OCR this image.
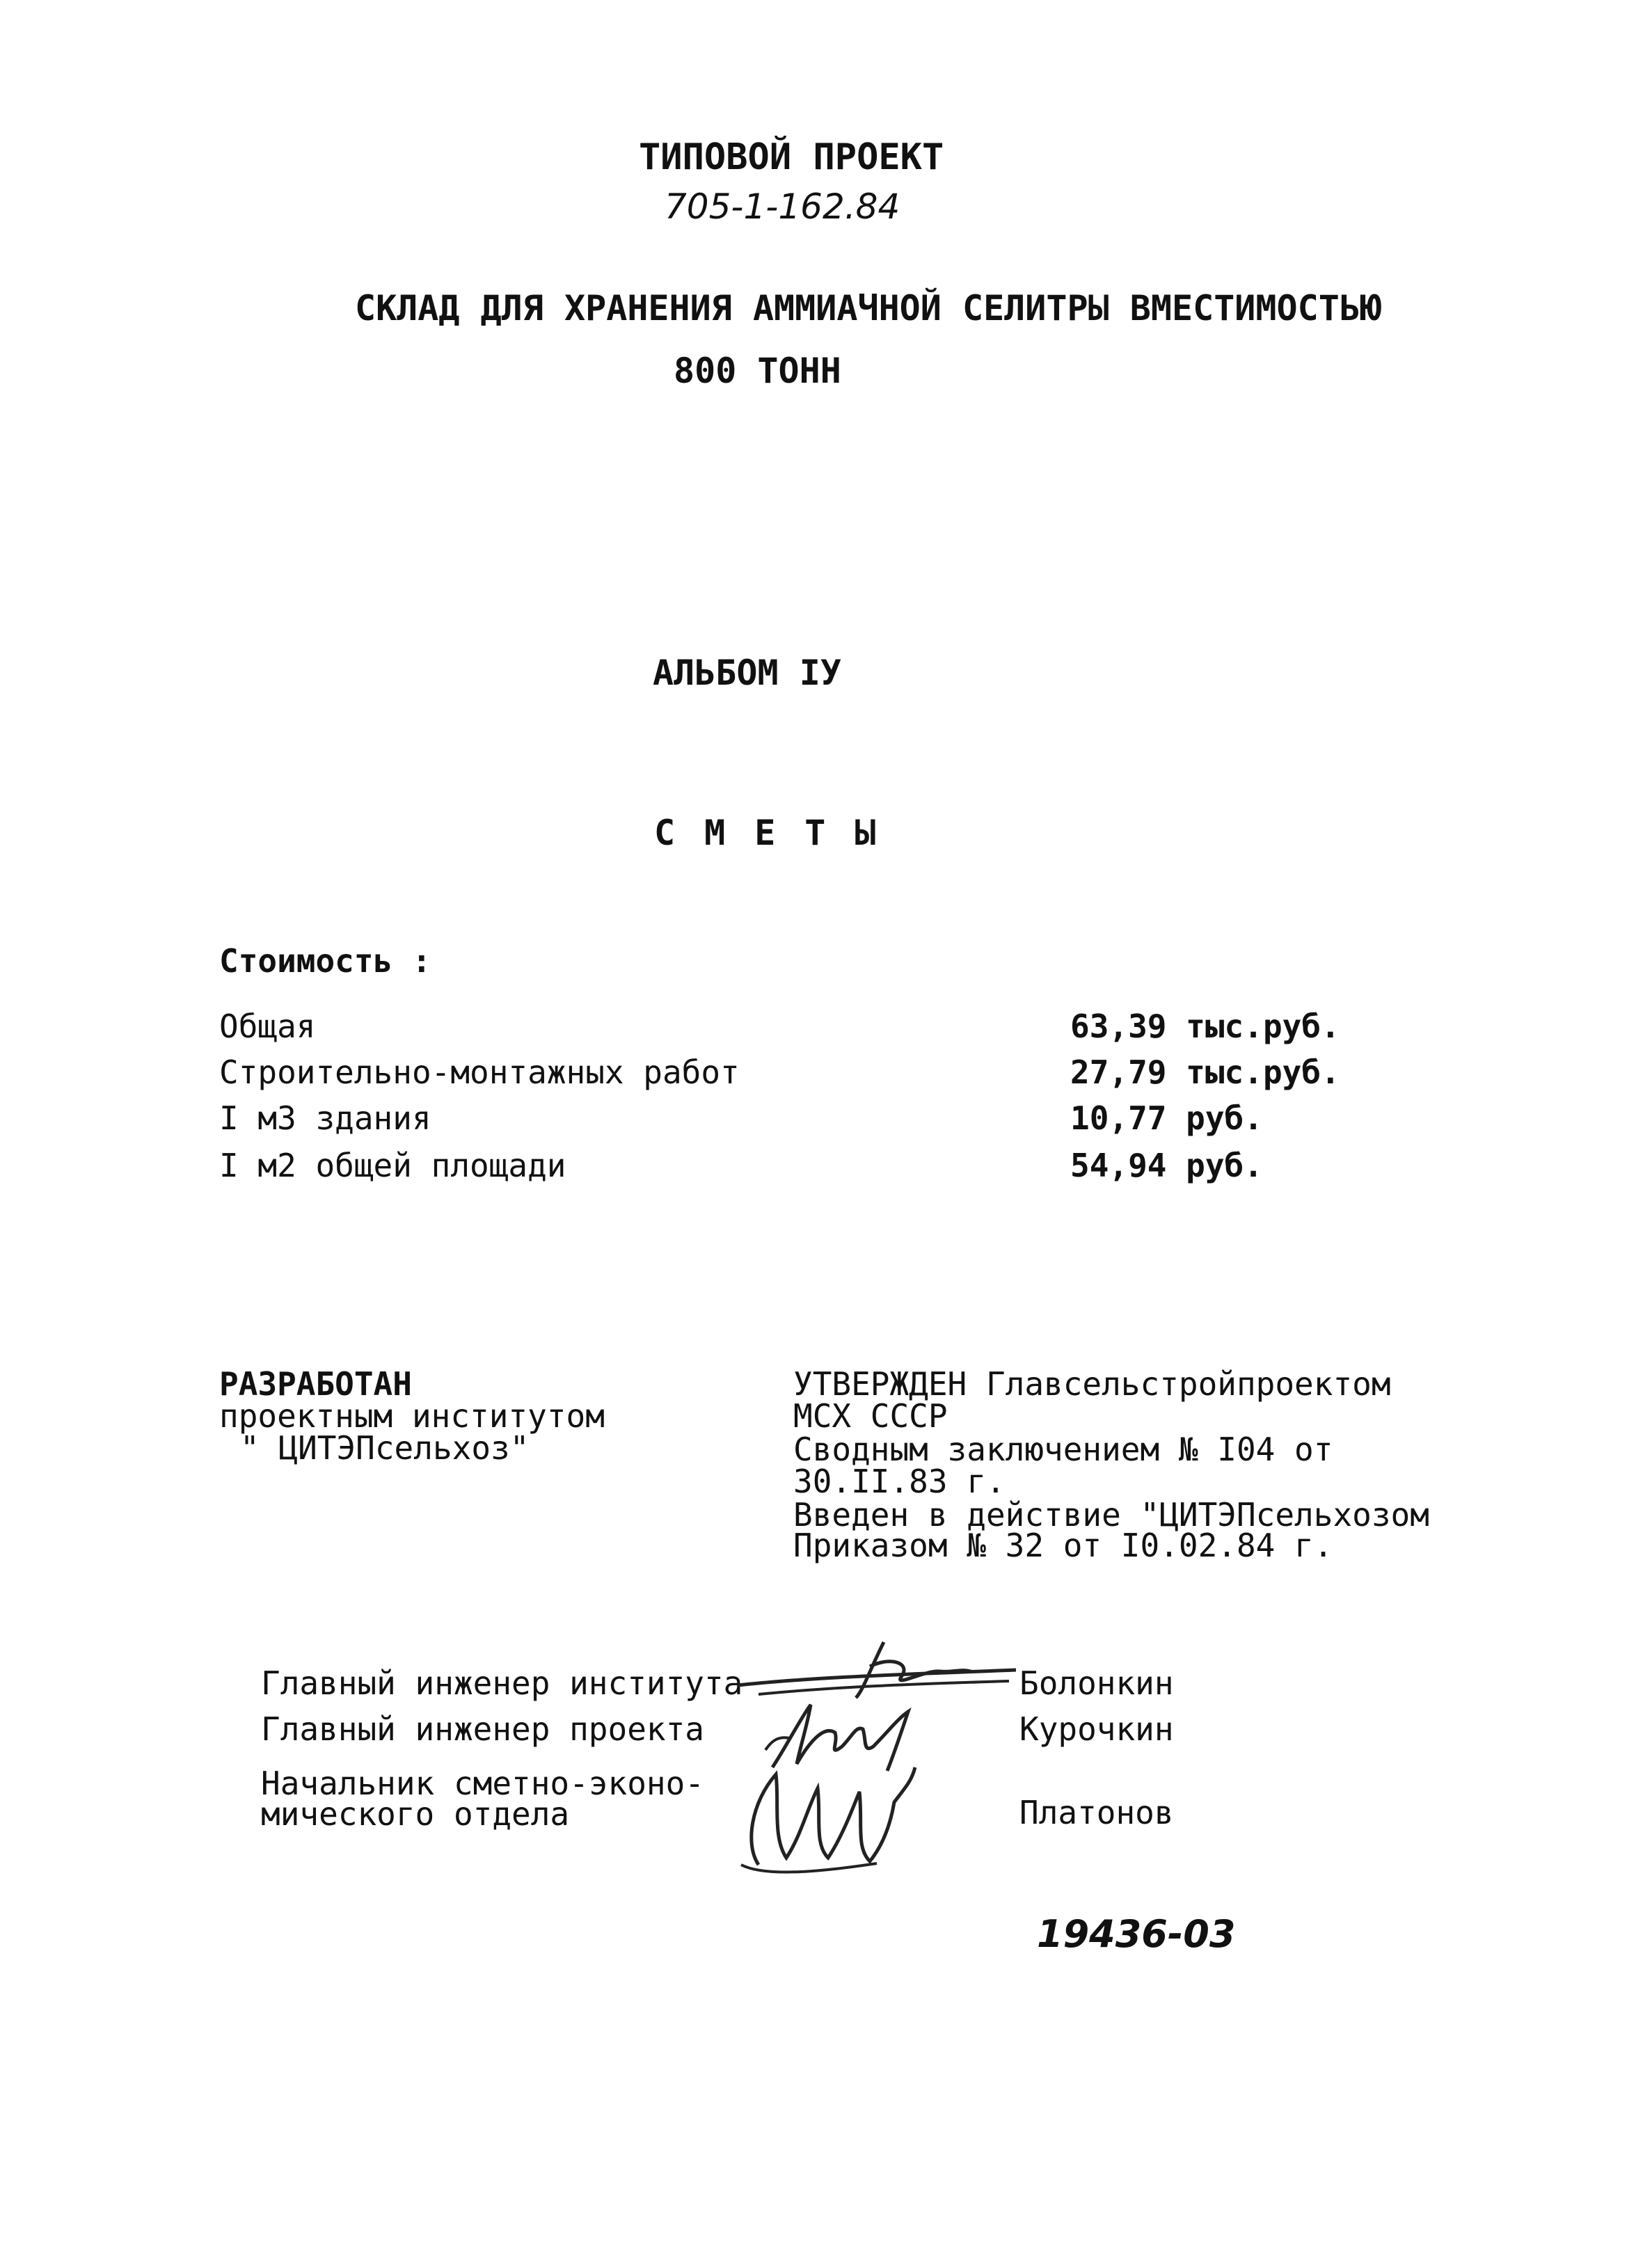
ТИПОВОЙ ПРОЕКТ
705-1-162.84
СКЛАД ДЛЯ ХРАНЕНИЯ АММИАЧНОЙ СЕЛИТРЫ ВМЕСТИМОСТЬЮ
800 ТОНН
АЛЬБОМ IУ
СМЕТЫ
Стоимость :
Общая	63,39 тыс.руб.
Строительно-монтажных работ	27,79 тыс.руб.
I м3 здания	10,77 руб.
I м2 общей площади	54,94 руб.
РАЗРАБОТАН
проектным институтом
" ЦИТЭПсельхоз"
УТВЕРЖДЕН Главсельстройпроектом
МСХ СССР
Сводным заключением № I04 от
30.II.83 г.
Введен в действие "ЦИТЭПсельхозом
Приказом № 32 от I0.02.84 г.
Главный инженер института	Болонкин
Главный инженер проекта	Курочкин
Начальник сметно-эконо-
мического отдела	Платонов
19436-03
